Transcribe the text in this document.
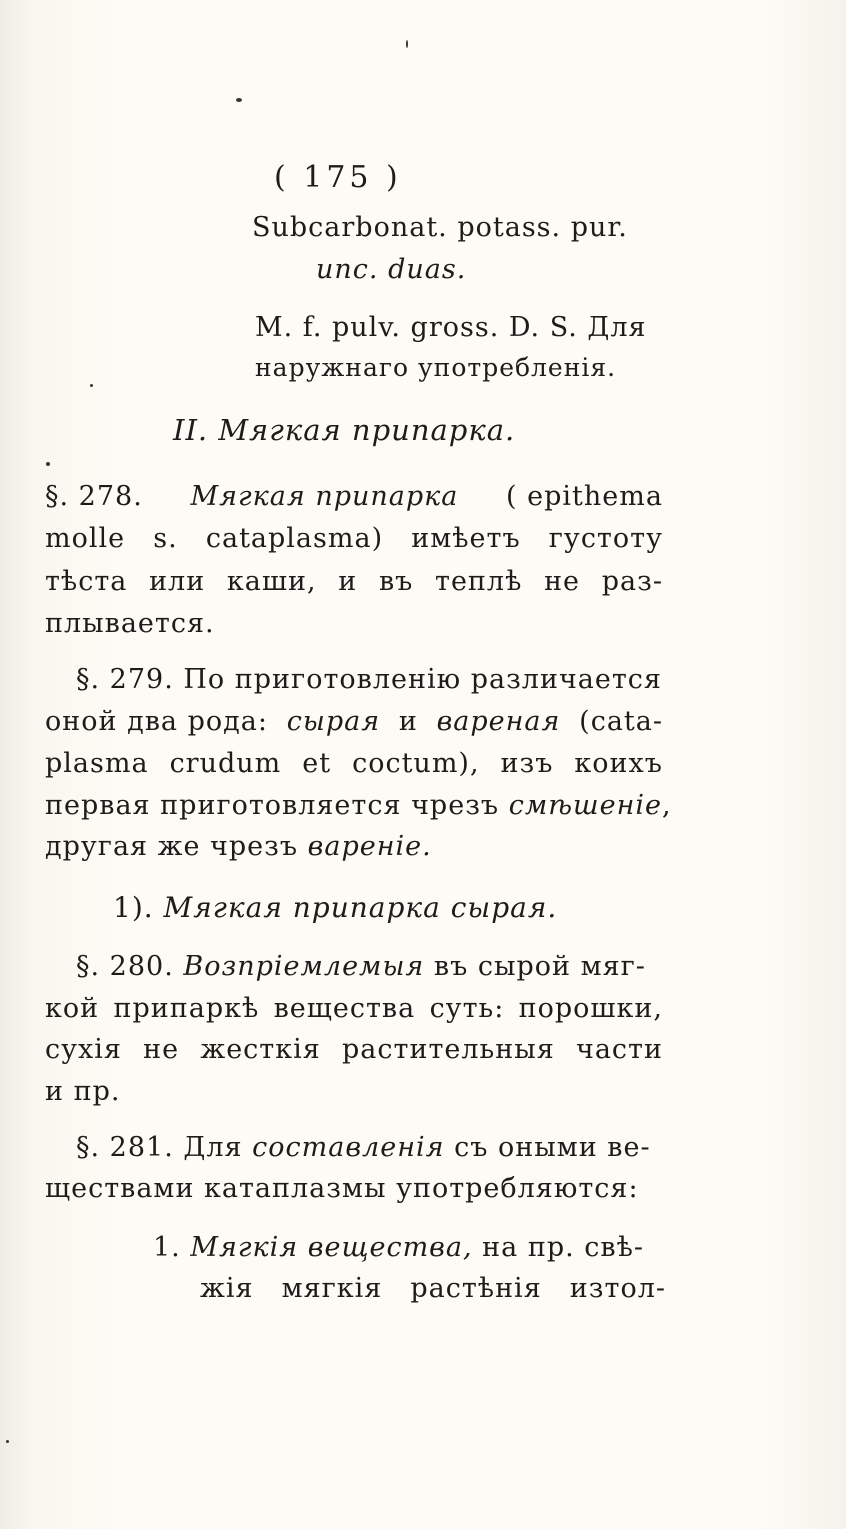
( 175 )
Subcarbonat. potass. pur.
unc. duas.
M. f. pulv. gross. D. S. Для
наружнаго употребленія.
II. Мягкая припарка.
§. 278. Мягкая припарка ( epithema
molle s. cataplasma) имѣетъ густоту
тѣста или каши, и въ теплѣ не раз-
плывается.
§. 279. По приготовленію различается
оной два рода: сырая и вареная (cata-
plasma crudum et coctum), изъ коихъ
первая приготовляется чрезъ смѣшеніе,
другая же чрезъ вареніе.
1). Мягкая припарка сырая.
§. 280. Возпріемлемыя въ сырой мяг-
кой припаркѣ вещества суть: порошки,
сухія не жесткія растительныя части
и пр.
§. 281. Для составленія съ оными ве-
ществами катаплазмы употребляются:
1. Мягкія вещества, на пр. свѣ-
жія мягкія растѣнія изтол-
